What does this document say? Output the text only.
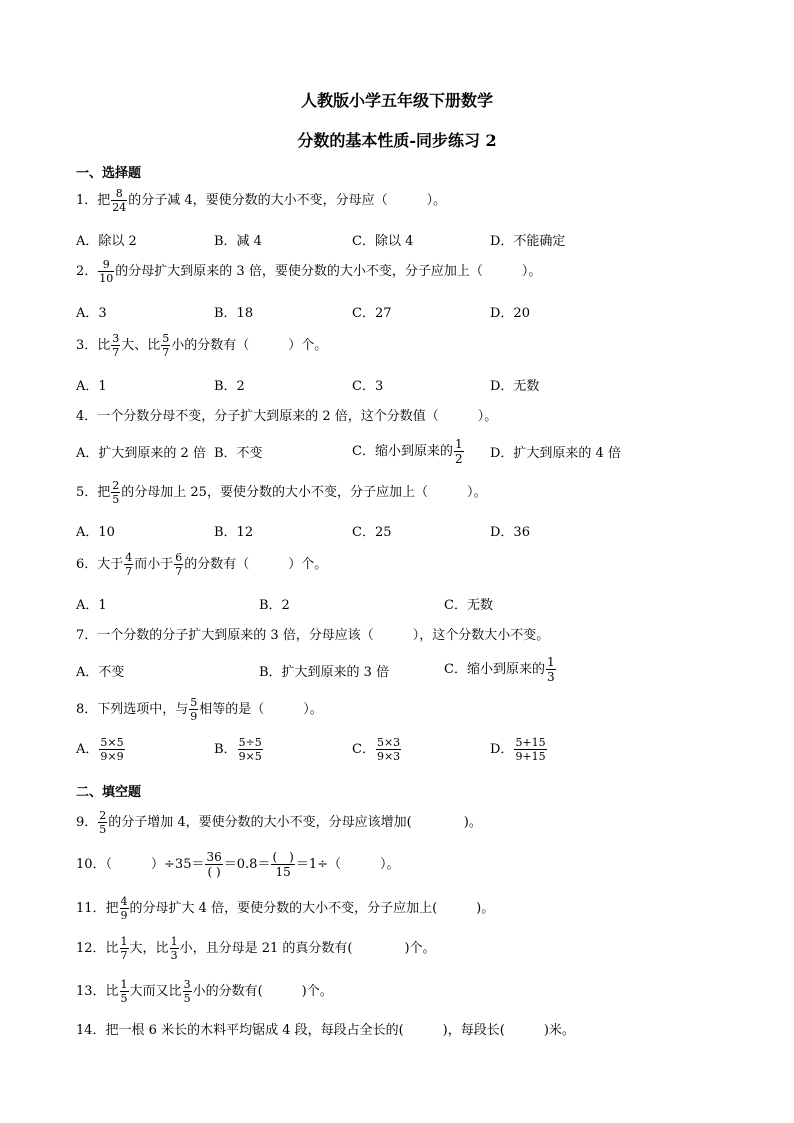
人教版小学五年级下册数学
分数的基本性质-同步练习 2
一、选择题
1．把 $\frac{8}{24}$ 的分子减 4，要使分数的大小不变，分母应（　　　）。
A．除以 2	B．减 4	C．除以 4	D．不能确定
2． $\frac{9}{10}$ 的分母扩大到原来的 3 倍，要使分数的大小不变，分子应加上（　　　）。
A．3	B．18	C．27	D．20
3．比 $\frac{3}{7}$ 大、比 $\frac{5}{7}$ 小的分数有（　　　）个。
A．1	B．2	C．3	D．无数
4．一个分数分母不变，分子扩大到原来的 2 倍，这个分数值（　　　）。
A．扩大到原来的 2 倍 B．不变	C．缩小到原来的 $\frac{1}{2}$ D．扩大到原来的 4 倍
5．把 $\frac{2}{5}$ 的分母加上 25，要使分数的大小不变，分子应加上（　　　）。
A．10	B．12	C．25	D．36
6．大于 $\frac{4}{7}$ 而小于 $\frac{6}{7}$ 的分数有（　　　）个。
A．1	B．2	C．无数
7．一个分数的分子扩大到原来的 3 倍，分母应该（　　　），这个分数大小不变。
A．不变	B．扩大到原来的 3 倍	C．缩小到原来的 $\frac{1}{3}$
8．下列选项中，与 $\frac{5}{9}$ 相等的是（　　　）。
A． $\frac{5\times 5}{9\times 9}$	B． $\frac{5\div 5}{9\times 5}$	C． $\frac{5\times 3}{9\times 3}$	D． $\frac{5+15}{9+15}$
二、填空题
9． $\frac{2}{5}$ 的分子增加 4，要使分数的大小不变，分母应该增加(　　　　)。
10．（　　　）$\div 35= \frac{36}{( )} =0.8= \frac{( )}{15} =1\div$（　　　）。
11．把 $\frac{4}{9}$ 的分母扩大 4 倍，要使分数的大小不变，分子应加上(　　　)。
12．比 $\frac{1}{7}$ 大，比 $\frac{1}{3}$ 小，且分母是 21 的真分数有(　　　　)个。
13．比 $\frac{1}{5}$ 大而又比 $\frac{3}{5}$ 小的分数有(　　　)个。
14．把一根 6 米长的木料平均锯成 4 段，每段占全长的(　　　)，每段长(　　　)米。
